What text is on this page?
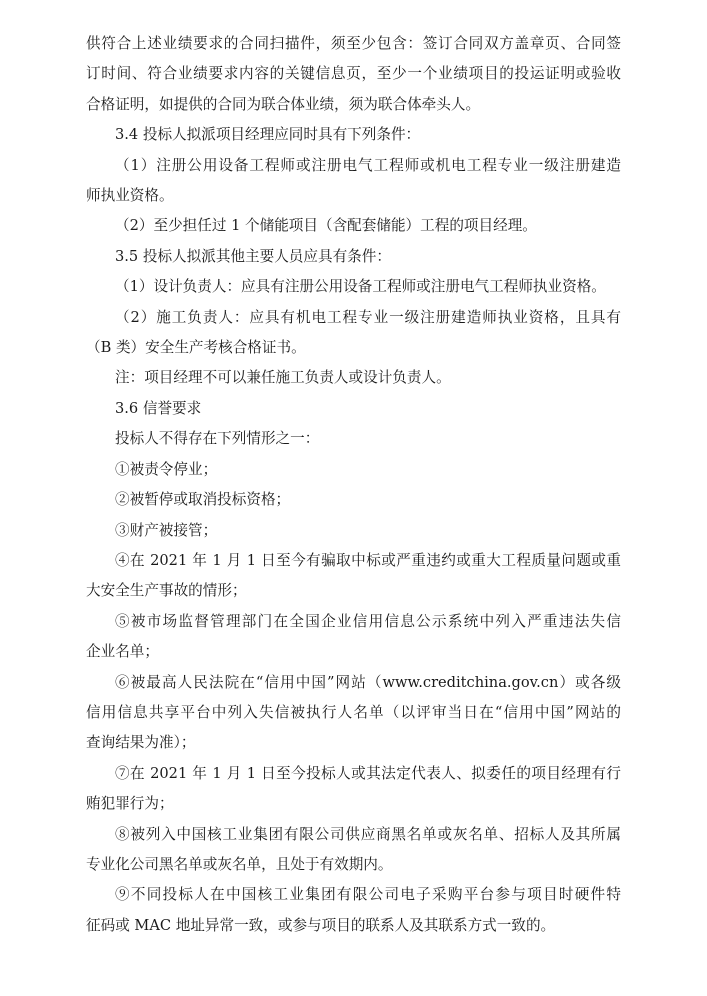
供符合上述业绩要求的合同扫描件，须至少包含：签订合同双方盖章页、合同签
订时间、符合业绩要求内容的关键信息页，至少一个业绩项目的投运证明或验收
合格证明，如提供的合同为联合体业绩，须为联合体牵头人。
3.4 投标人拟派项目经理应同时具有下列条件：
（1）注册公用设备工程师或注册电气工程师或机电工程专业一级注册建造
师执业资格。
（2）至少担任过 1 个储能项目（含配套储能）工程的项目经理。
3.5 投标人拟派其他主要人员应具有条件：
（1）设计负责人：应具有注册公用设备工程师或注册电气工程师执业资格。
（2）施工负责人：应具有机电工程专业一级注册建造师执业资格，且具有
（B 类）安全生产考核合格证书。
注：项目经理不可以兼任施工负责人或设计负责人。
3.6 信誉要求
投标人不得存在下列情形之一：
①被责令停业；
②被暂停或取消投标资格；
③财产被接管；
④在 2021 年 1 月 1 日至今有骗取中标或严重违约或重大工程质量问题或重
大安全生产事故的情形；
⑤被市场监督管理部门在全国企业信用信息公示系统中列入严重违法失信
企业名单；
⑥被最高人民法院在“信用中国”网站（www.creditchina.gov.cn）或各级
信用信息共享平台中列入失信被执行人名单（以评审当日在“信用中国”网站的
查询结果为准）；
⑦在 2021 年 1 月 1 日至今投标人或其法定代表人、拟委任的项目经理有行
贿犯罪行为；
⑧被列入中国核工业集团有限公司供应商黑名单或灰名单、招标人及其所属
专业化公司黑名单或灰名单，且处于有效期内。
⑨不同投标人在中国核工业集团有限公司电子采购平台参与项目时硬件特
征码或 MAC 地址异常一致，或参与项目的联系人及其联系方式一致的。
